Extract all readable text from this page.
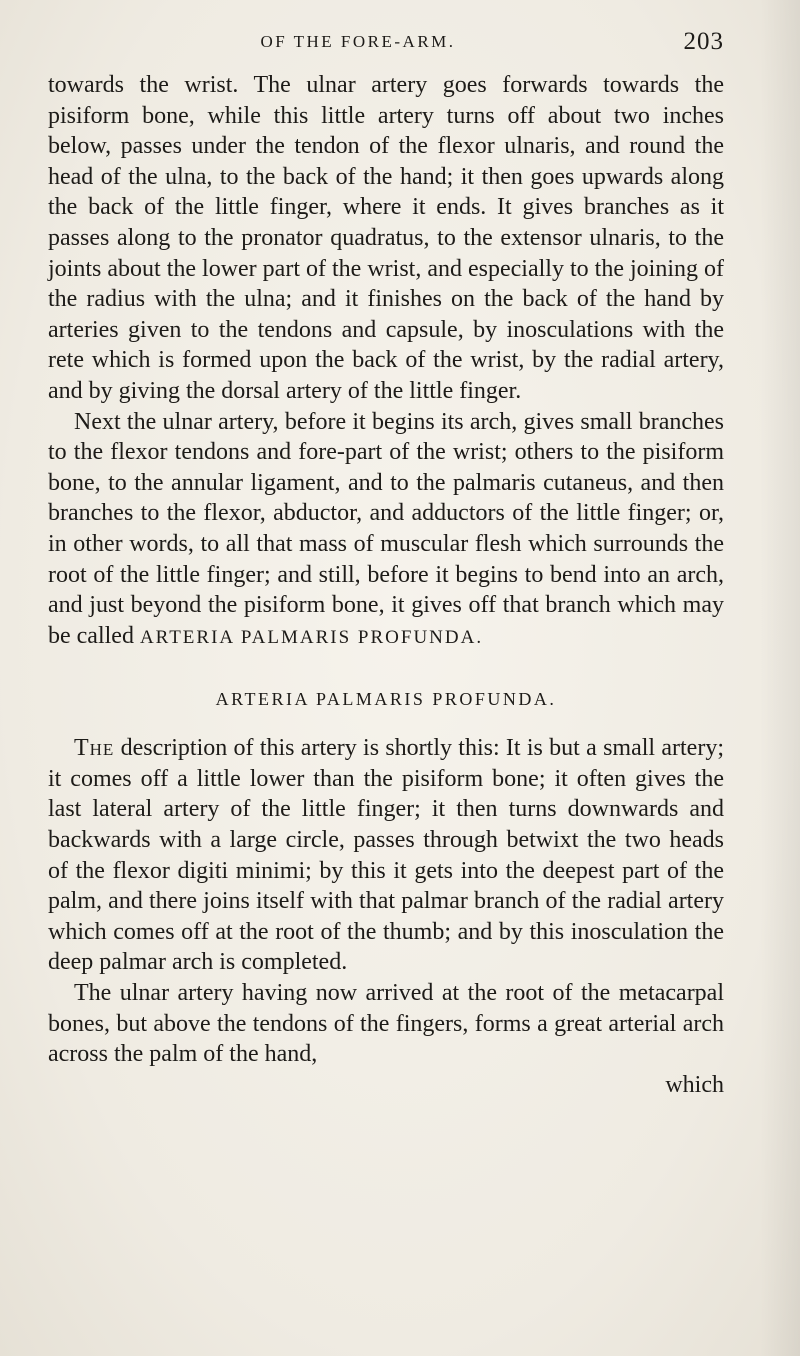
OF THE FORE-ARM.	203

towards the wrist. The ulnar artery goes forwards towards the pisiform bone, while this little artery turns off about two inches below, passes under the tendon of the flexor ulnaris, and round the head of the ulna, to the back of the hand; it then goes upwards along the back of the little finger, where it ends. It gives branches as it passes along to the pronator quadratus, to the extensor ulnaris, to the joints about the lower part of the wrist, and especially to the joining of the radius with the ulna; and it finishes on the back of the hand by arteries given to the tendons and capsule, by inosculations with the rete which is formed upon the back of the wrist, by the radial artery, and by giving the dorsal artery of the little finger.

Next the ulnar artery, before it begins its arch, gives small branches to the flexor tendons and fore-part of the wrist; others to the pisiform bone, to the annular ligament, and to the palmaris cutaneus, and then branches to the flexor, abductor, and adductors of the little finger; or, in other words, to all that mass of muscular flesh which surrounds the root of the little finger; and still, before it begins to bend into an arch, and just beyond the pisiform bone, it gives off that branch which may be called ARTERIA PALMARIS PROFUNDA.

ARTERIA PALMARIS PROFUNDA.

The description of this artery is shortly this: It is but a small artery; it comes off a little lower than the pisiform bone; it often gives the last lateral artery of the little finger; it then turns downwards and backwards with a large circle, passes through betwixt the two heads of the flexor digiti minimi; by this it gets into the deepest part of the palm, and there joins itself with that palmar branch of the radial artery which comes off at the root of the thumb; and by this inosculation the deep palmar arch is completed.

The ulnar artery having now arrived at the root of the metacarpal bones, but above the tendons of the fingers, forms a great arterial arch across the palm of the hand,

which
